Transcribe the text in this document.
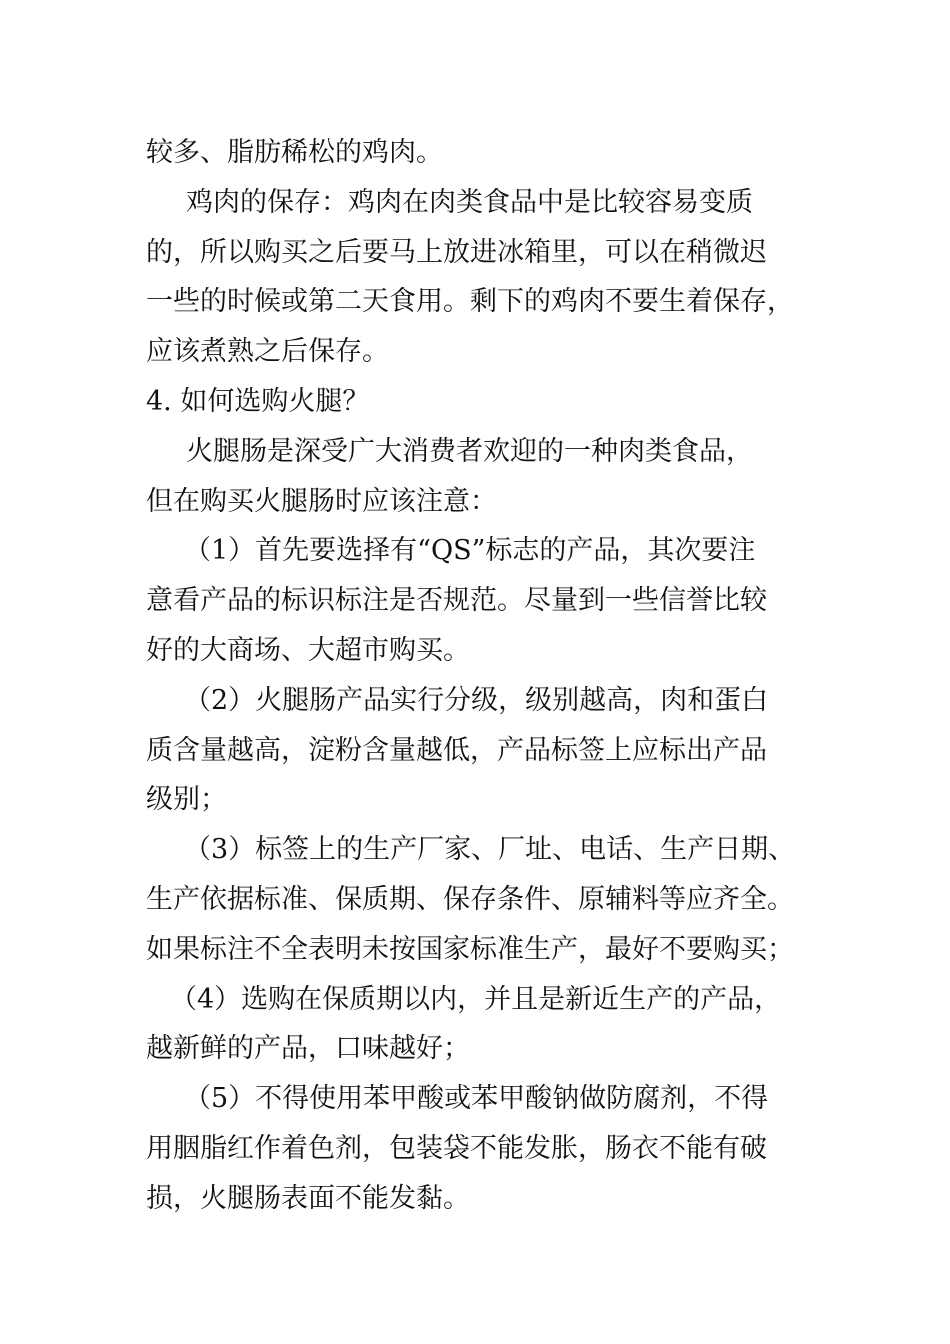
较多、脂肪稀松的鸡肉。
鸡肉的保存：鸡肉在肉类食品中是比较容易变质
的，所以购买之后要马上放进冰箱里，可以在稍微迟
一些的时候或第二天食用。剩下的鸡肉不要生着保存，
应该煮熟之后保存。
4. 如何选购火腿？
火腿肠是深受广大消费者欢迎的一种肉类食品，
但在购买火腿肠时应该注意：
（1）首先要选择有“QS”标志的产品，其次要注
意看产品的标识标注是否规范。尽量到一些信誉比较
好的大商场、大超市购买。
（2）火腿肠产品实行分级，级别越高，肉和蛋白
质含量越高，淀粉含量越低，产品标签上应标出产品
级别；
（3）标签上的生产厂家、厂址、电话、生产日期、
生产依据标准、保质期、保存条件、原辅料等应齐全。
如果标注不全表明未按国家标准生产，最好不要购买；
（4）选购在保质期以内，并且是新近生产的产品，
越新鲜的产品，口味越好；
（5）不得使用苯甲酸或苯甲酸钠做防腐剂，不得
用胭脂红作着色剂，包装袋不能发胀，肠衣不能有破
损，火腿肠表面不能发黏。
